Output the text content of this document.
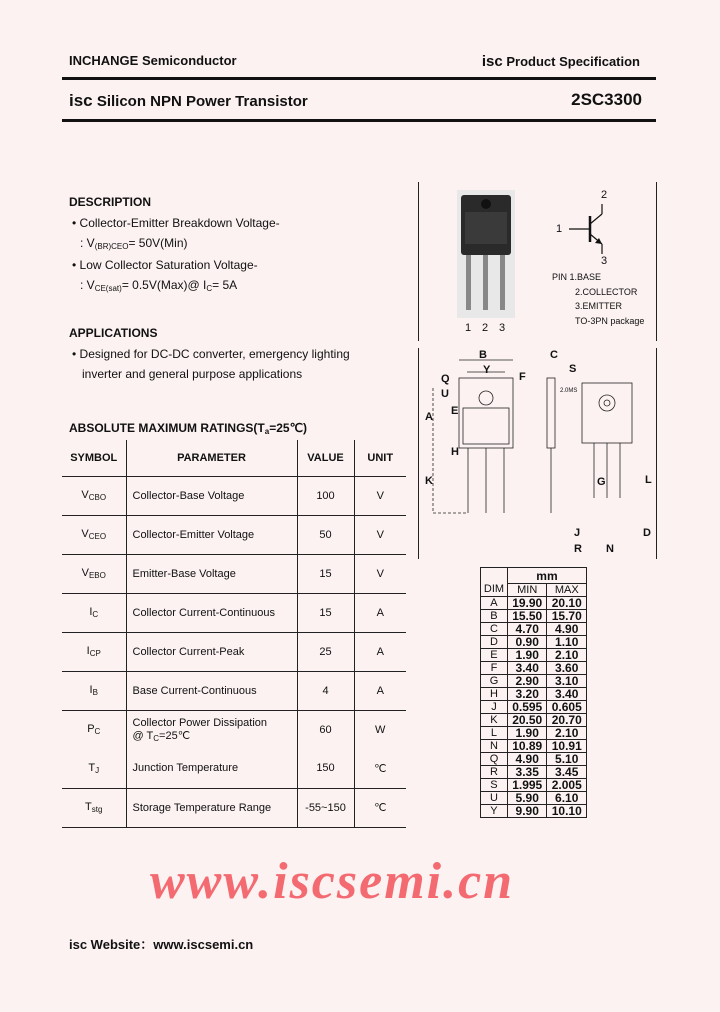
INCHANGE Semiconductor	isc Product Specification
isc Silicon NPN Power Transistor	2SC3300
DESCRIPTION
• Collector-Emitter Breakdown Voltage-
: $V_{(BR)CEO}= 50V(Min)$
• Low Collector Saturation Voltage-
: $V_{CE(sat)}=$ 0.5V(Max)@ $I_C= 5A$
APPLICATIONS
• Designed for DC-DC converter, emergency lighting
inverter and general purpose applications
ABSOLUTE MAXIMUM $RATINGS(T_a=25℃)$
SYMBOL	PARAMETER	VALUE	UNIT
$V_{CBO}$	Collector-Base Voltage	100	V
$V_{CEO}$	Collector-Emitter Voltage	50	V
$V_{EBO}$	Emitter-Base Voltage	15	V
$I_C$	Collector Current-Continuous	15	A
$I_{CP}$	Collector Current-Peak	25	A
$I_B$	Base Current-Continuous	4	A
$P_C$	Collector Power Dissipation
@ $T_C=25℃$	60	W
$T_J$	Junction Temperature	150	℃
$T_{stg}$	Storage Temperature Range	-55~150	℃
1 2 3
2
1
3
PIN 1.BASE
2.COLLECTOR
3.EMITTER
TO-3PN package
B	C
Y
F
S
2.0MS
Q
U
E
A
H
K
J
R
G	L
N
D
DIM	mm	
	MIN	MAX
A	19.90	20.10
B	15.50	15.70
C	4.70	4.90
D	0.90	1.10
E	1.90	2.10
F	3.40	3.60
G	2.90	3.10
H	3.20	3.40
J	0.595	0.605
K	20.50	20.70
L	1.90	2.10
N	10.89	10.91
Q	4.90	5.10
R	3.35	3.45
S	1.995	2.005
U	5.90	6.10
Y	9.90	10.10
www.iscsemi.cn
isc Website：www.iscsemi.cn
